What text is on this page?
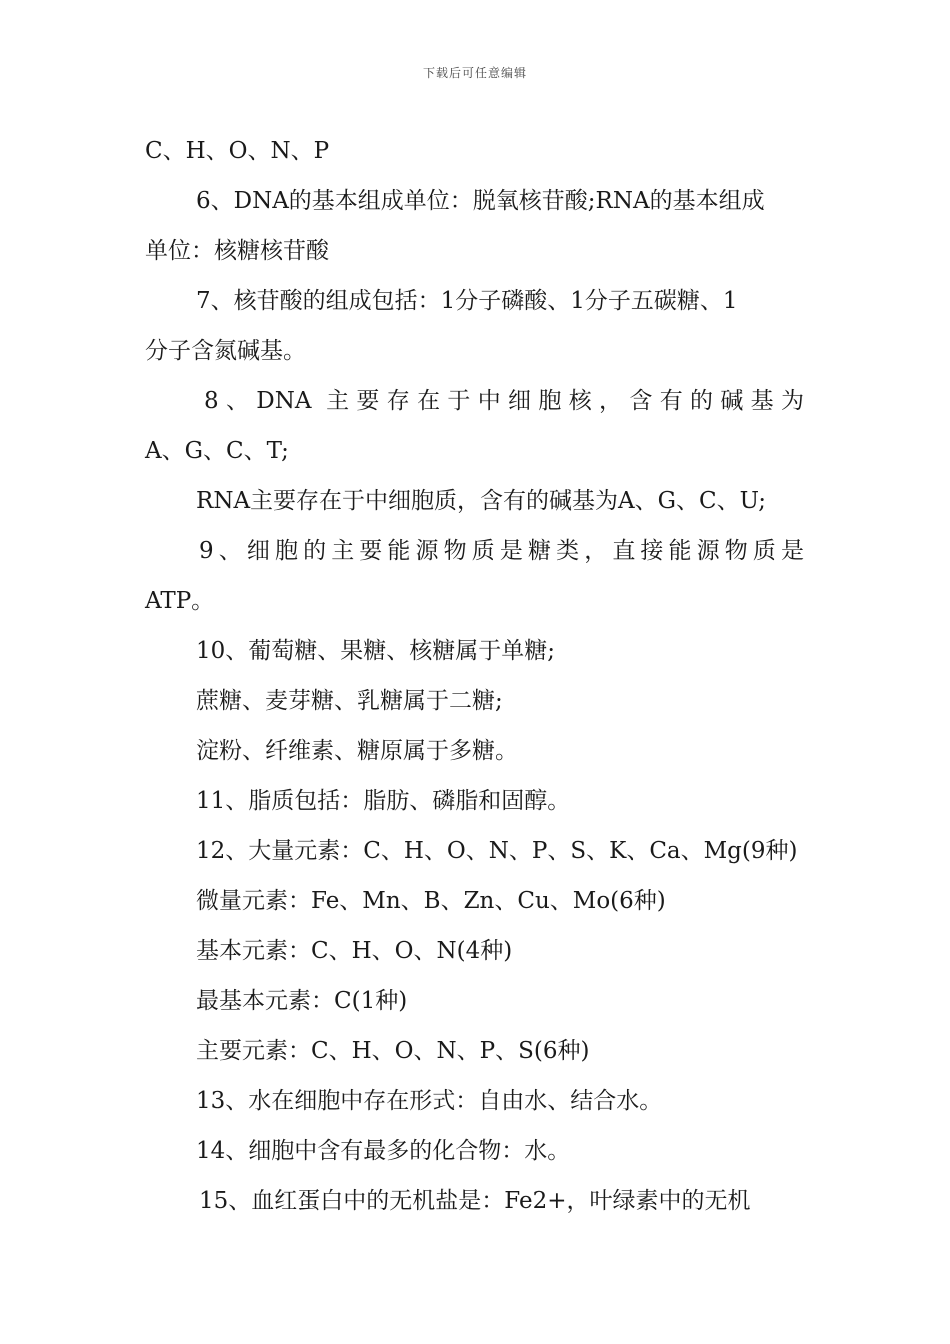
下载后可任意编辑
C、H、O、N、P
6、DNA的基本组成单位：脱氧核苷酸;RNA的基本组成
单位：核糖核苷酸
7、核苷酸的组成包括：1分子磷酸、1分子五碳糖、1
分子含氮碱基。
8、DNA 主要存在于中细胞核，含有的碱基为
A、G、C、T;
RNA主要存在于中细胞质，含有的碱基为A、G、C、U;
9、细胞的主要能源物质是糖类，直接能源物质是
ATP。
10、葡萄糖、果糖、核糖属于单糖;
蔗糖、麦芽糖、乳糖属于二糖;
淀粉、纤维素、糖原属于多糖。
11、脂质包括：脂肪、磷脂和固醇。
12、大量元素：C、H、O、N、P、S、K、Ca、Mg(9种)
微量元素：Fe、Mn、B、Zn、Cu、Mo(6种)
基本元素：C、H、O、N(4种)
最基本元素：C(1种)
主要元素：C、H、O、N、P、S(6种)
13、水在细胞中存在形式：自由水、结合水。
14、细胞中含有最多的化合物：水。
15、血红蛋白中的无机盐是：Fe2+，叶绿素中的无机
